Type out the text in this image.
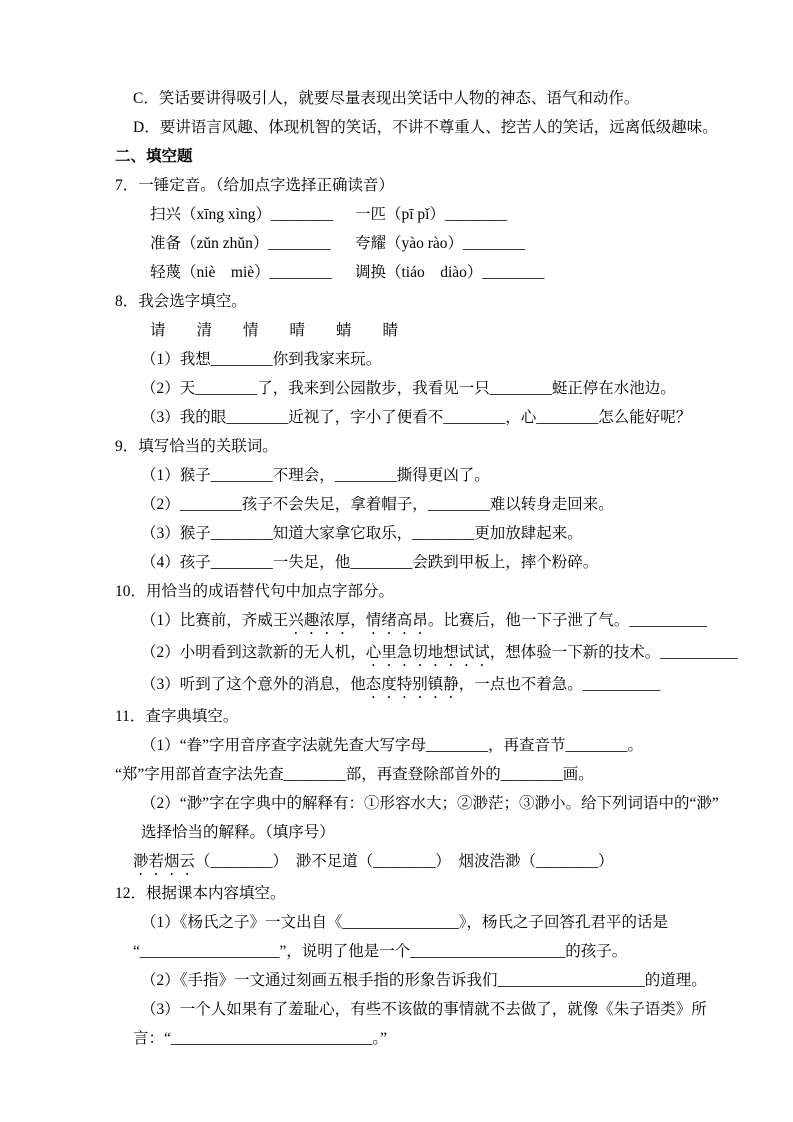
C．笑话要讲得吸引人，就要尽量表现出笑话中人物的神态、语气和动作。
D．要讲语言风趣、体现机智的笑话，不讲不尊重人、挖苦人的笑话，远离低级趣味。
二、填空题
7．一锤定音。（给加点字选择正确读音）
扫兴（xīng xìng）________ 一匹（pī pǐ）________
准备（zǔn zhǔn）________ 夸耀（yào rào）________
轻蔑（niè　miè）________ 调换（tiáo　diào）________
8．我会选字填空。
请　　清　　情　　晴　　蜻　　睛
（1）我想________你到我家来玩。
（2）天________了，我来到公园散步，我看见一只________蜓正停在水池边。
（3）我的眼________近视了，字小了便看不________，心________怎么能好呢？
9．填写恰当的关联词。
（1）猴子________不理会，________撕得更凶了。
（2）________孩子不会失足，拿着帽子，________难以转身走回来。
（3）猴子________知道大家拿它取乐，________更加放肆起来。
（4）孩子________一失足，他________会跌到甲板上，摔个粉碎。
10．用恰当的成语替代句中加点字部分。
（1）比赛前，齐威王兴趣浓厚，情绪高昂。比赛后，他一下子泄了气。__________
（2）小明看到这款新的无人机，心里急切地想试试，想体验一下新的技术。__________
（3）听到了这个意外的消息，他态度特别镇静，一点也不着急。__________
11．查字典填空。
（1）“眷”字用音序查字法就先查大写字母________，再查音节________。
“郑”字用部首查字法先查________部，再查登除部首外的________画。
（2）“渺”字在字典中的解释有：①形容水大；②渺茫；③渺小。给下列词语中的“渺”
选择恰当的解释。（填序号）
渺若烟云（________）　渺不足道（________）　烟波浩渺（________）
12．根据课本内容填空。
（1）《杨氏之子》一文出自《_______________》，杨氏之子回答孔君平的话是
“__________________”，说明了他是一个____________________的孩子。
（2）《手指》一文通过刻画五根手指的形象告诉我们___________________的道理。
（3）一个人如果有了羞耻心，有些不该做的事情就不去做了，就像《朱子语类》所
言：“__________________________。”
